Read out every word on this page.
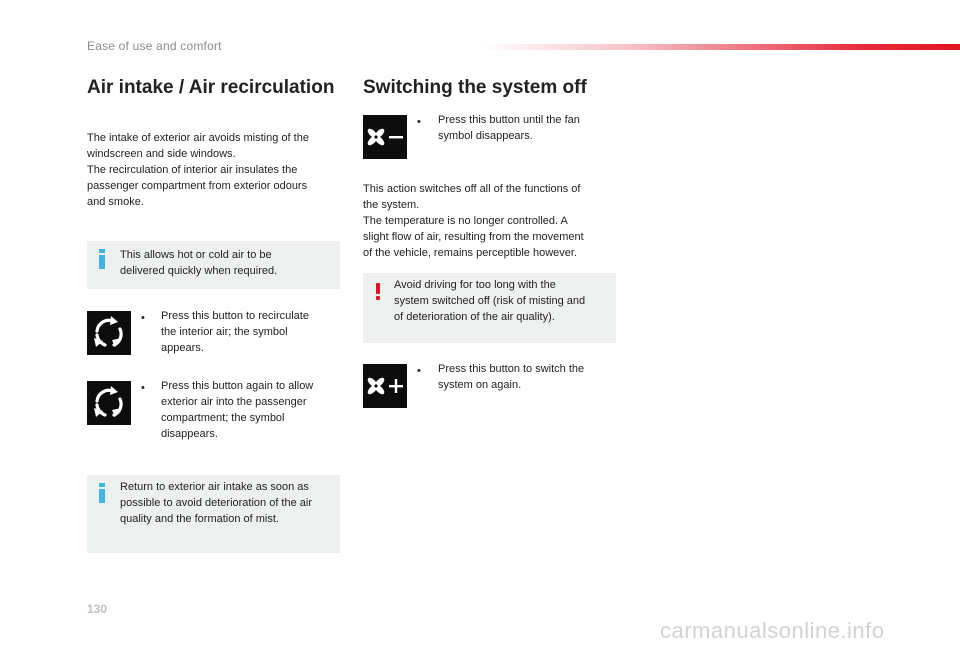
Ease of use and comfort
Air intake / Air recirculation
The intake of exterior air avoids misting of the
windscreen and side windows.
The recirculation of interior air insulates the
passenger compartment from exterior odours
and smoke.
This allows hot or cold air to be
delivered quickly when required.
•	Press this button to recirculate
the interior air; the symbol
appears.
•	Press this button again to allow
exterior air into the passenger
compartment; the symbol
disappears.
Return to exterior air intake as soon as
possible to avoid deterioration of the air
quality and the formation of mist.
Switching the system off
•	Press this button until the fan
symbol disappears.
This action switches off all of the functions of
the system.
The temperature is no longer controlled. A
slight flow of air, resulting from the movement
of the vehicle, remains perceptible however.
Avoid driving for too long with the
system switched off (risk of misting and
of deterioration of the air quality).
•	Press this button to switch the
system on again.
130
carmanualsonline.info
